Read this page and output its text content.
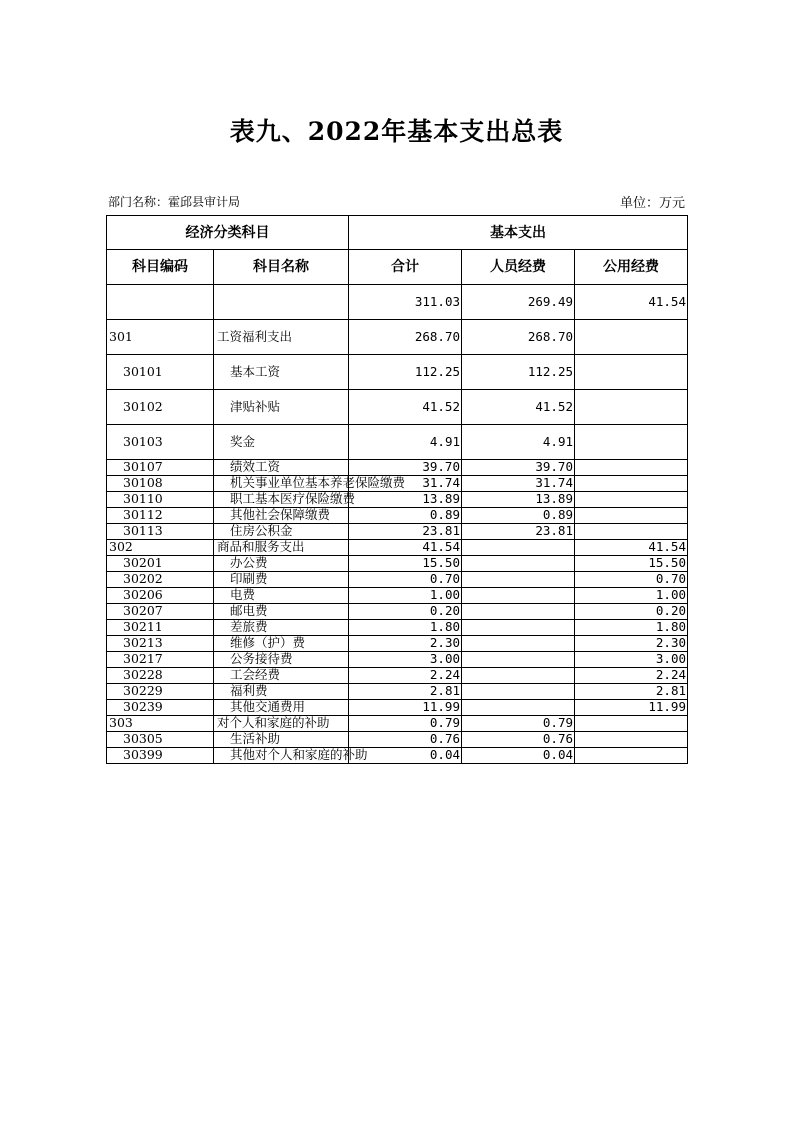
表九、2022年基本支出总表
部门名称：霍邱县审计局	单位：万元
经济分类科目		基本支出		
科目编码	科目名称	合计	人员经费	公用经费
		311.03	269.49	41.54
301	工资福利支出	268.70	268.70	
30101	基本工资	112.25	112.25	
30102	津贴补贴	41.52	41.52	
30103	奖金	4.91	4.91	
30107	绩效工资	39.70	39.70	
30108	机关事业单位基本养老保险缴费	31.74	31.74	
30110	职工基本医疗保险缴费	13.89	13.89	
30112	其他社会保障缴费	0.89	0.89	
30113	住房公积金	23.81	23.81	
302	商品和服务支出	41.54		41.54
30201	办公费	15.50		15.50
30202	印刷费	0.70		0.70
30206	电费	1.00		1.00
30207	邮电费	0.20		0.20
30211	差旅费	1.80		1.80
30213	维修（护）费	2.30		2.30
30217	公务接待费	3.00		3.00
30228	工会经费	2.24		2.24
30229	福利费	2.81		2.81
30239	其他交通费用	11.99		11.99
303	对个人和家庭的补助	0.79	0.79	
30305	生活补助	0.76	0.76	
30399	其他对个人和家庭的补助	0.04	0.04	
